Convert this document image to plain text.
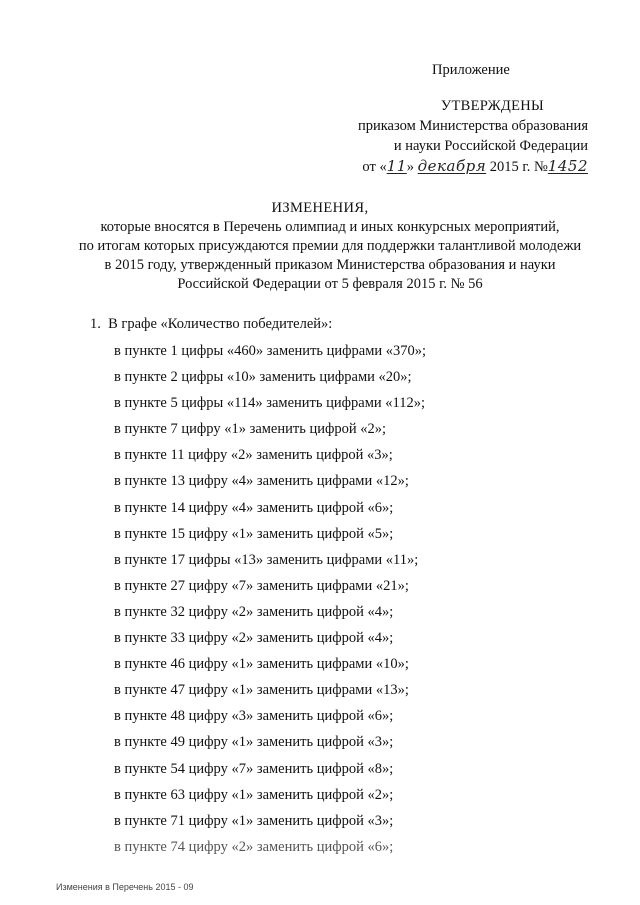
Приложение
УТВЕРЖДЕНЫ
приказом Министерства образования
и науки Российской Федерации
от «11» декабря 2015 г. №1452
ИЗМЕНЕНИЯ,
которые вносятся в Перечень олимпиад и иных конкурсных мероприятий,
по итогам которых присуждаются премии для поддержки талантливой молодежи
в 2015 году, утвержденный приказом Министерства образования и науки
Российской Федерации от 5 февраля 2015 г. № 56
1. В графе «Количество победителей»:
в пункте 1 цифры «460» заменить цифрами «370»;
в пункте 2 цифры «10» заменить цифрами «20»;
в пункте 5 цифры «114» заменить цифрами «112»;
в пункте 7 цифру «1» заменить цифрой «2»;
в пункте 11 цифру «2» заменить цифрой «3»;
в пункте 13 цифру «4» заменить цифрами «12»;
в пункте 14 цифру «4» заменить цифрой «6»;
в пункте 15 цифру «1» заменить цифрой «5»;
в пункте 17 цифры «13» заменить цифрами «11»;
в пункте 27 цифру «7» заменить цифрами «21»;
в пункте 32 цифру «2» заменить цифрой «4»;
в пункте 33 цифру «2» заменить цифрой «4»;
в пункте 46 цифру «1» заменить цифрами «10»;
в пункте 47 цифру «1» заменить цифрами «13»;
в пункте 48 цифру «3» заменить цифрой «6»;
в пункте 49 цифру «1» заменить цифрой «3»;
в пункте 54 цифру «7» заменить цифрой «8»;
в пункте 63 цифру «1» заменить цифрой «2»;
в пункте 71 цифру «1» заменить цифрой «3»;
в пункте 74 цифру «2» заменить цифрой «6»;
Изменения в Перечень 2015 - 09
